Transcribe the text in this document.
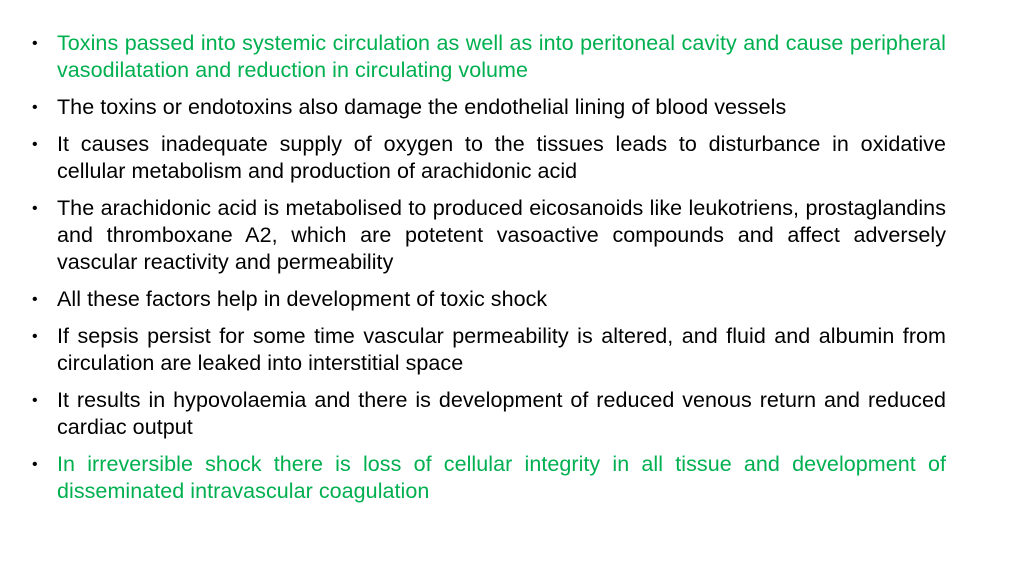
• Toxins passed into systemic circulation as well as into peritoneal cavity and cause peripheral vasodilatation and reduction in circulating volume
• The toxins or endotoxins also damage the endothelial lining of blood vessels
• It causes inadequate supply of oxygen to the tissues leads to disturbance in oxidative cellular metabolism and production of arachidonic acid
• The arachidonic acid is metabolised to produced eicosanoids like leukotriens, prostaglandins and thromboxane A2, which are potetent vasoactive compounds and affect adversely vascular reactivity and permeability
• All these factors help in development of toxic shock
• If sepsis persist for some time vascular permeability is altered, and fluid and albumin from circulation are leaked into interstitial space
• It results in hypovolaemia and there is development of reduced venous return and reduced cardiac output
• In irreversible shock there is loss of cellular integrity in all tissue and development of disseminated intravascular coagulation
